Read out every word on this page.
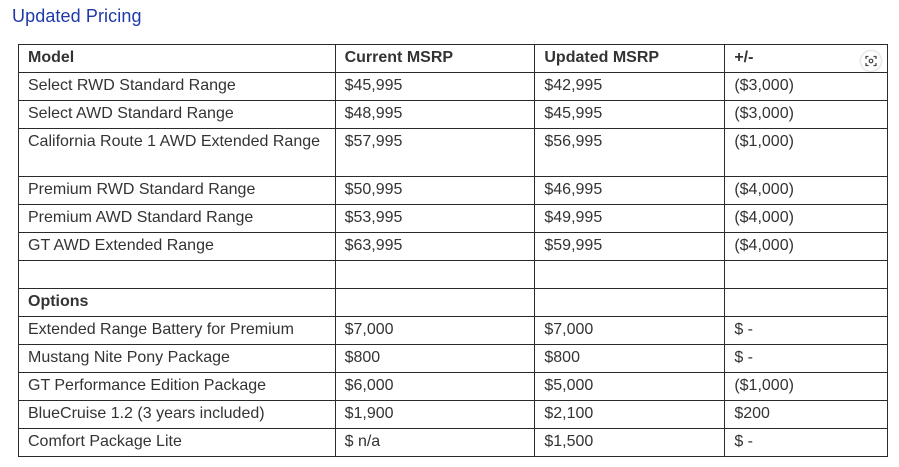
Updated Pricing
Model	Current MSRP	Updated MSRP	+/-
Select RWD Standard Range	$45,995	$42,995	($3,000)
Select AWD Standard Range	$48,995	$45,995	($3,000)
California Route 1 AWD Extended Range	$57,995	$56,995	($1,000)
Premium RWD Standard Range	$50,995	$46,995	($4,000)
Premium AWD Standard Range	$53,995	$49,995	($4,000)
GT AWD Extended Range	$63,995	$59,995	($4,000)

Options			
Extended Range Battery for Premium	$7,000	$7,000	$ -
Mustang Nite Pony Package	$800	$800	$ -
GT Performance Edition Package	$6,000	$5,000	($1,000)
BlueCruise 1.2 (3 years included)	$1,900	$2,100	$200
Comfort Package Lite	$ n/a	$1,500	$ -
